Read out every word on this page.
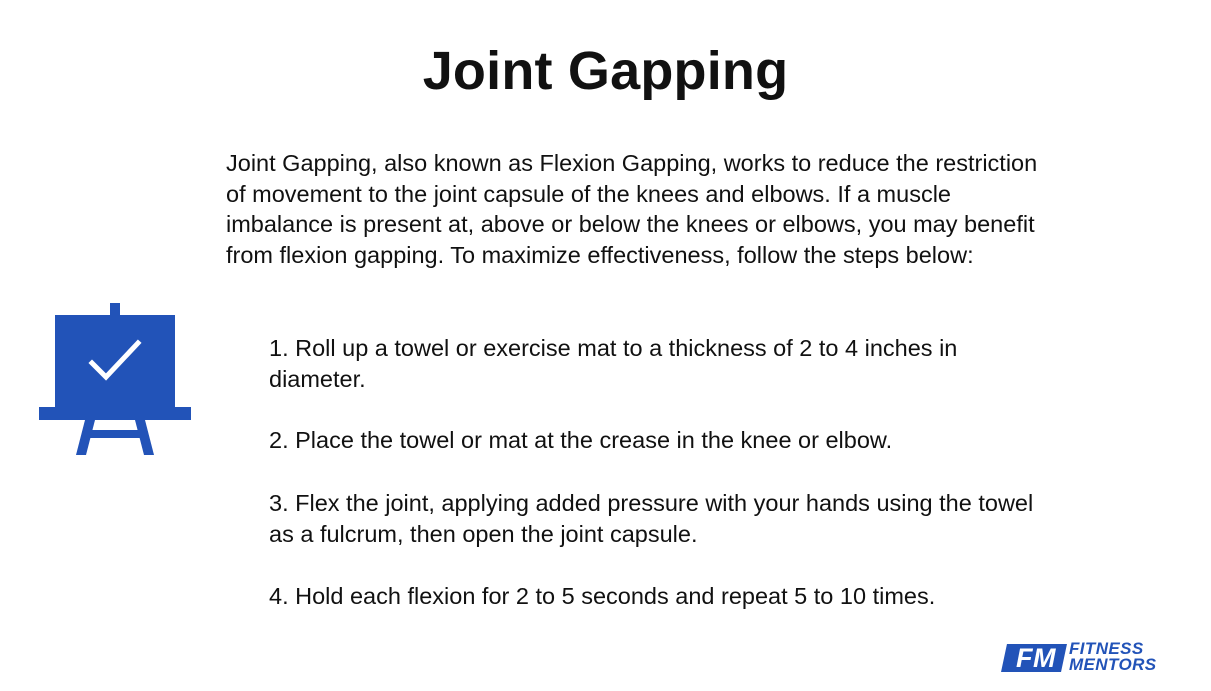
Joint Gapping

Joint Gapping, also known as Flexion Gapping, works to reduce the restriction of movement to the joint capsule of the knees and elbows. If a muscle imbalance is present at, above or below the knees or elbows, you may benefit from flexion gapping. To maximize effectiveness, follow the steps below:

1. Roll up a towel or exercise mat to a thickness of 2 to 4 inches in diameter.

2. Place the towel or mat at the crease in the knee or elbow.

3. Flex the joint, applying added pressure with your hands using the towel as a fulcrum, then open the joint capsule.

4. Hold each flexion for 2 to 5 seconds and repeat 5 to 10 times.

FM FITNESS
MENTORS
